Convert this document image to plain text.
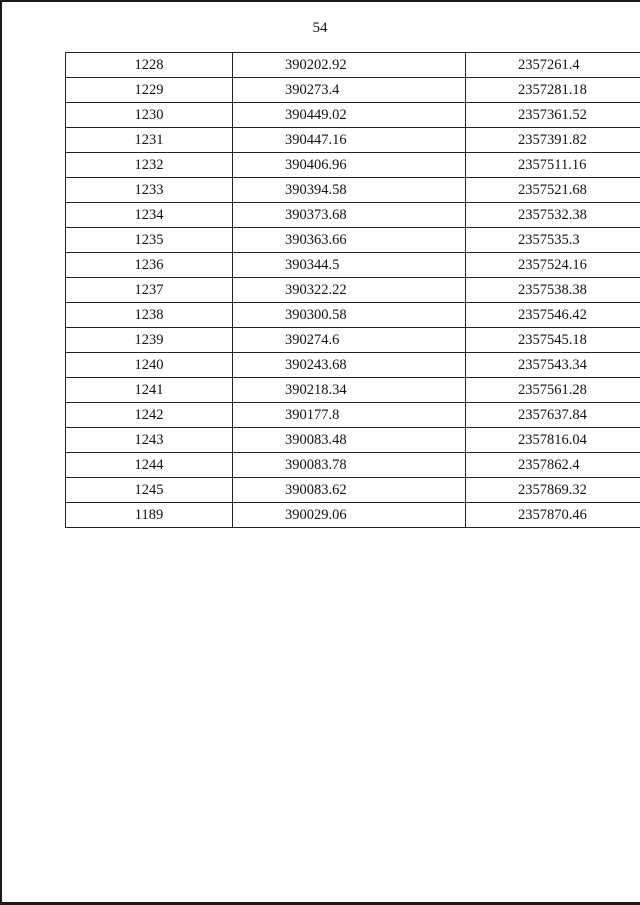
54
1228	390202.92	2357261.4
1229	390273.4	2357281.18
1230	390449.02	2357361.52
1231	390447.16	2357391.82
1232	390406.96	2357511.16
1233	390394.58	2357521.68
1234	390373.68	2357532.38
1235	390363.66	2357535.3
1236	390344.5	2357524.16
1237	390322.22	2357538.38
1238	390300.58	2357546.42
1239	390274.6	2357545.18
1240	390243.68	2357543.34
1241	390218.34	2357561.28
1242	390177.8	2357637.84
1243	390083.48	2357816.04
1244	390083.78	2357862.4
1245	390083.62	2357869.32
1189	390029.06	2357870.46
